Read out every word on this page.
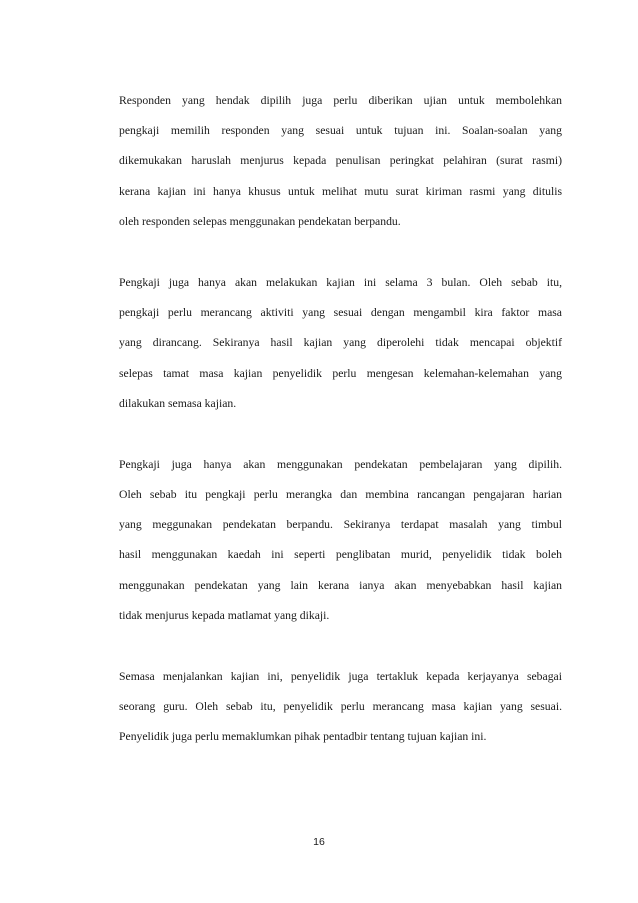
Responden yang hendak dipilih juga perlu diberikan ujian untuk membolehkan
pengkaji memilih responden yang sesuai untuk tujuan ini. Soalan-soalan yang
dikemukakan haruslah menjurus kepada penulisan peringkat pelahiran (surat rasmi)
kerana kajian ini hanya khusus untuk melihat mutu surat kiriman rasmi yang ditulis
oleh responden selepas menggunakan pendekatan berpandu.
Pengkaji juga hanya akan melakukan kajian ini selama 3 bulan. Oleh sebab itu,
pengkaji perlu merancang aktiviti yang sesuai dengan mengambil kira faktor masa
yang dirancang. Sekiranya hasil kajian yang diperolehi tidak mencapai objektif
selepas tamat masa kajian penyelidik perlu mengesan kelemahan-kelemahan yang
dilakukan semasa kajian.
Pengkaji juga hanya akan menggunakan pendekatan pembelajaran yang dipilih.
Oleh sebab itu pengkaji perlu merangka dan membina rancangan pengajaran harian
yang meggunakan pendekatan berpandu. Sekiranya terdapat masalah yang timbul
hasil menggunakan kaedah ini seperti penglibatan murid, penyelidik tidak boleh
menggunakan pendekatan yang lain kerana ianya akan menyebabkan hasil kajian
tidak menjurus kepada matlamat yang dikaji.
Semasa menjalankan kajian ini, penyelidik juga tertakluk kepada kerjayanya sebagai
seorang guru. Oleh sebab itu, penyelidik perlu merancang masa kajian yang sesuai.
Penyelidik juga perlu memaklumkan pihak pentadbir tentang tujuan kajian ini.
16
